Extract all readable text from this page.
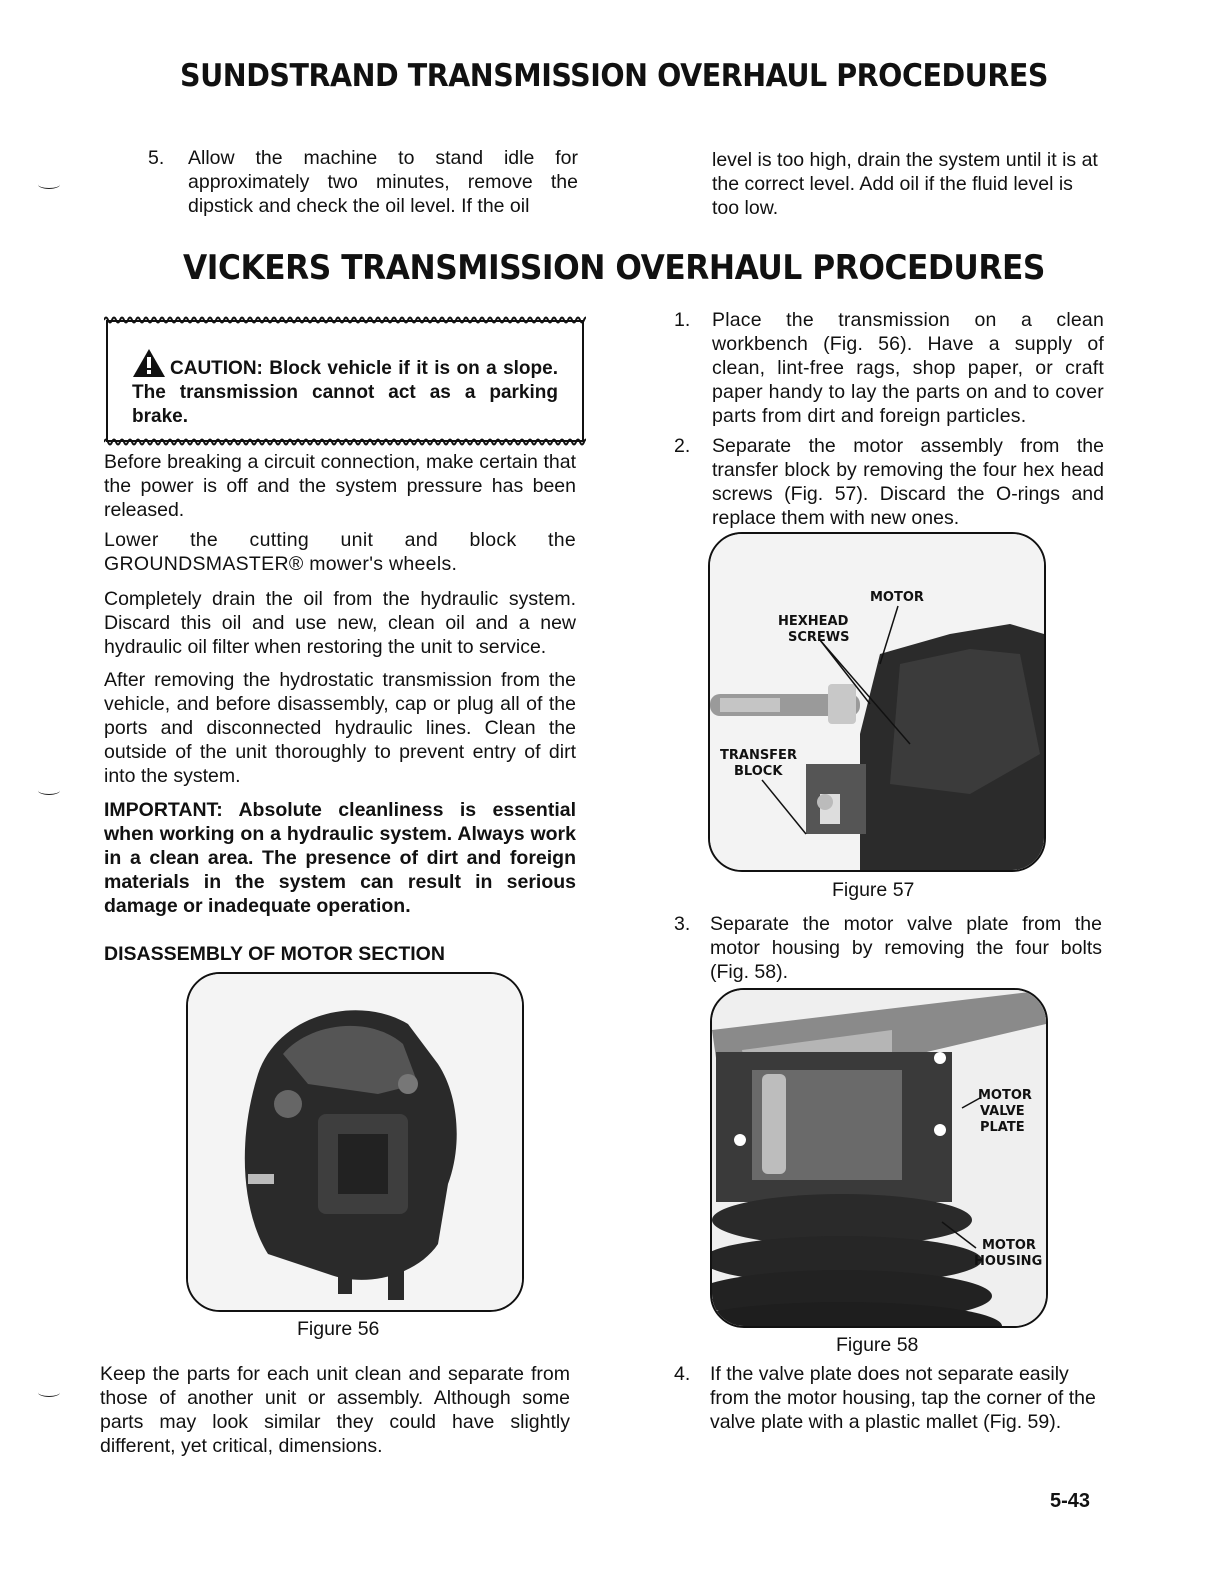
SUNDSTRAND TRANSMISSION OVERHAUL PROCEDURES
VICKERS TRANSMISSION OVERHAUL PROCEDURES
5. Allow the machine to stand idle for approximately two minutes, remove the dipstick and check the oil level. If the oil
level is too high, drain the system until it is at the correct level. Add oil if the fluid level is too low.
CAUTION: Block vehicle if it is on a slope. The transmission cannot act as a parking brake.
Before breaking a circuit connection, make certain that the power is off and the system pressure has been released.
Lower the cutting unit and block the GROUNDSMASTER® mower's wheels.
Completely drain the oil from the hydraulic system. Discard this oil and use new, clean oil and a new hydraulic oil filter when restoring the unit to service.
After removing the hydrostatic transmission from the vehicle, and before disassembly, cap or plug all of the ports and disconnected hydraulic lines. Clean the outside of the unit thoroughly to prevent entry of dirt into the system.
IMPORTANT: Absolute cleanliness is essential when working on a hydraulic system. Always work in a clean area. The presence of dirt and foreign materials in the system can result in serious damage or inadequate operation.
DISASSEMBLY OF MOTOR SECTION
Figure 56
Keep the parts for each unit clean and separate from those of another unit or assembly. Although some parts may look similar they could have slightly different, yet critical, dimensions.
1. Place the transmission on a clean workbench (Fig. 56). Have a supply of clean, lint-free rags, shop paper, or craft paper handy to lay the parts on and to cover parts from dirt and foreign particles.
2. Separate the motor assembly from the transfer block by removing the four hex head screws (Fig. 57). Discard the O-rings and replace them with new ones.
MOTOR
HEXHEAD
SCREWS
TRANSFER
BLOCK
Figure 57
3. Separate the motor valve plate from the motor housing by removing the four bolts (Fig. 58).
MOTOR
VALVE
PLATE
MOTOR
HOUSING
Figure 58
4. If the valve plate does not separate easily from the motor housing, tap the corner of the valve plate with a plastic mallet (Fig. 59).
5-43
